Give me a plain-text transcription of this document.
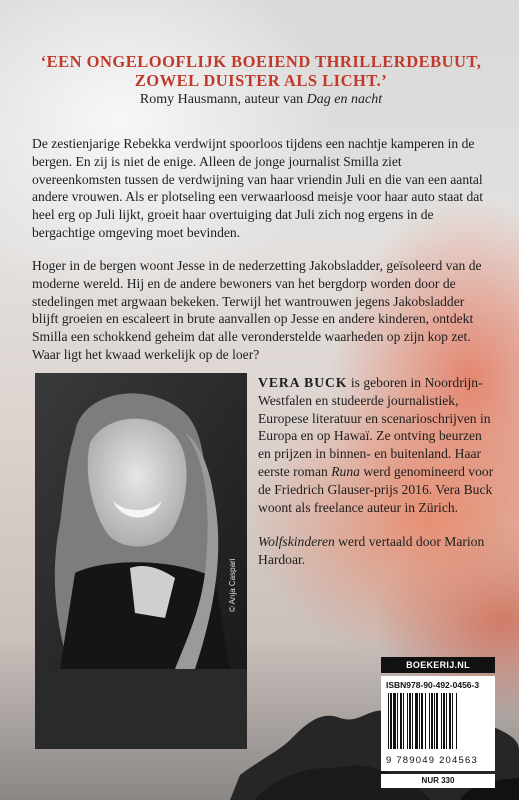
‘EEN ONGELOOFLIJK BOEIEND THRILLERDEBUUT,
ZOWEL DUISTER ALS LICHT.’
Romy Hausmann, auteur van Dag en nacht
De zestienjarige Rebekka verdwijnt spoorloos tijdens een nachtje kamperen in de bergen. En zij is niet de enige. Alleen de jonge journalist Smilla ziet overeenkomsten tussen de verdwijning van haar vriendin Juli en die van een aantal andere vrouwen. Als er plotseling een verwaarloosd meisje voor haar auto staat dat heel erg op Juli lijkt, groeit haar overtuiging dat Juli zich nog ergens in de bergachtige omgeving moet bevinden.
Hoger in de bergen woont Jesse in de nederzetting Jakobsladder, geïsoleerd van de moderne wereld. Hij en de andere bewoners van het bergdorp worden door de stedelingen met argwaan bekeken. Terwijl het wantrouwen jegens Jakobsladder blijft groeien en escaleert in brute aanvallen op Jesse en andere kinderen, ontdekt Smilla een schokkend geheim dat alle veronderstelde waarheden op zijn kop zet. Waar ligt het kwaad werkelijk op de loer?
VERA BUCK is geboren in Noordrijn-Westfalen en studeerde journalistiek, Europese literatuur en scenarioschrijven in Europa en op Hawaï. Ze ontving beurzen en prijzen in binnen- en buitenland. Haar eerste roman Runa werd genomineerd voor de Friedrich Glauser-prijs 2016. Vera Buck woont als freelance auteur in Zürich.
Wolfskinderen werd vertaald door Marion Hardoar.
© Anja Caspari
BOEKERIJ.NL
ISBN978-90-492-0456-3
9 789049 204563
NUR 330
